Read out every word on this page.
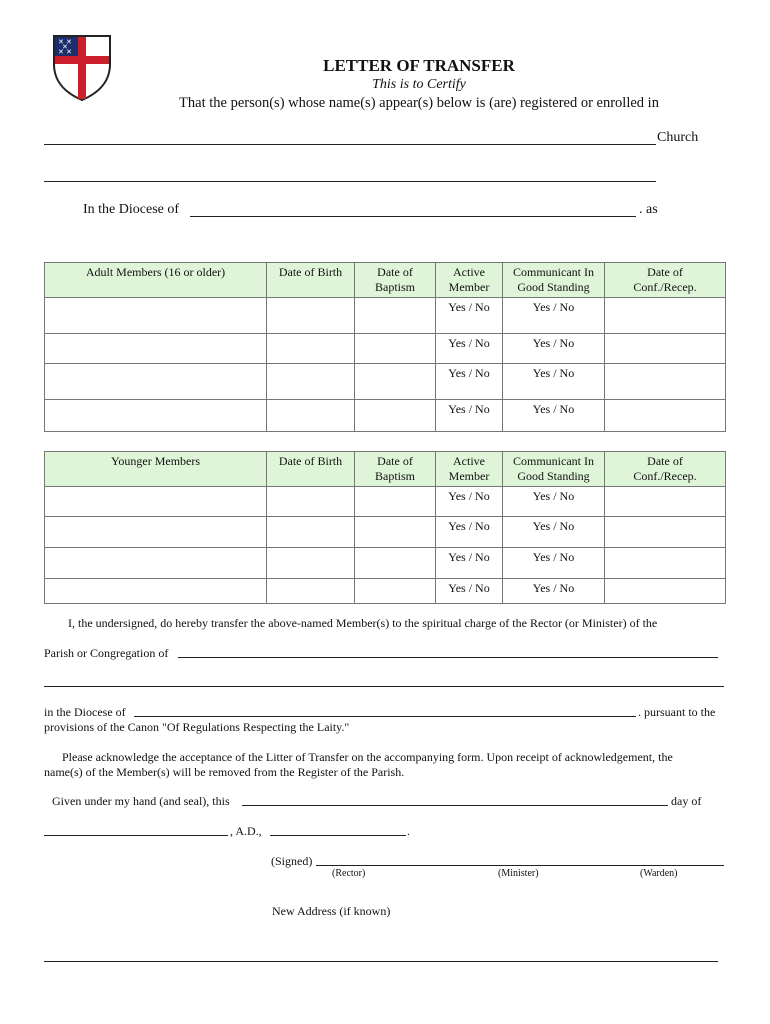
✕ ✕
✕
✕ ✕
LETTER OF TRANSFER
This is to Certify
That the person(s) whose name(s) appear(s) below is (are) registered or enrolled in
Church
In the Diocese of	. as
Adult Members (16 or older)	Date of Birth	Date of Baptism	Active Member	Communicant In Good Standing	Date of Conf./Recep.
			Yes / No	Yes / No	
			Yes / No	Yes / No	
			Yes / No	Yes / No	
			Yes / No	Yes / No	
Younger Members	Date of Birth	Date of Baptism	Active Member	Communicant In Good Standing	Date of Conf./Recep.
			Yes / No	Yes / No	
			Yes / No	Yes / No	
			Yes / No	Yes / No	
			Yes / No	Yes / No	
I, the undersigned, do hereby transfer the above-named Member(s) to the spiritual charge of the Rector (or Minister) of the
Parish or Congregation of
in the Diocese of	. pursuant to the
provisions of the Canon "Of Regulations Respecting the Laity."
Please acknowledge the acceptance of the Litter of Transfer on the accompanying form. Upon receipt of acknowledgement, the
name(s) of the Member(s) will be removed from the Register of the Parish.
Given under my hand (and seal), this	day of
, A.D.,	.
(Signed)
(Rector)	(Minister)	(Warden)
New Address (if known)
